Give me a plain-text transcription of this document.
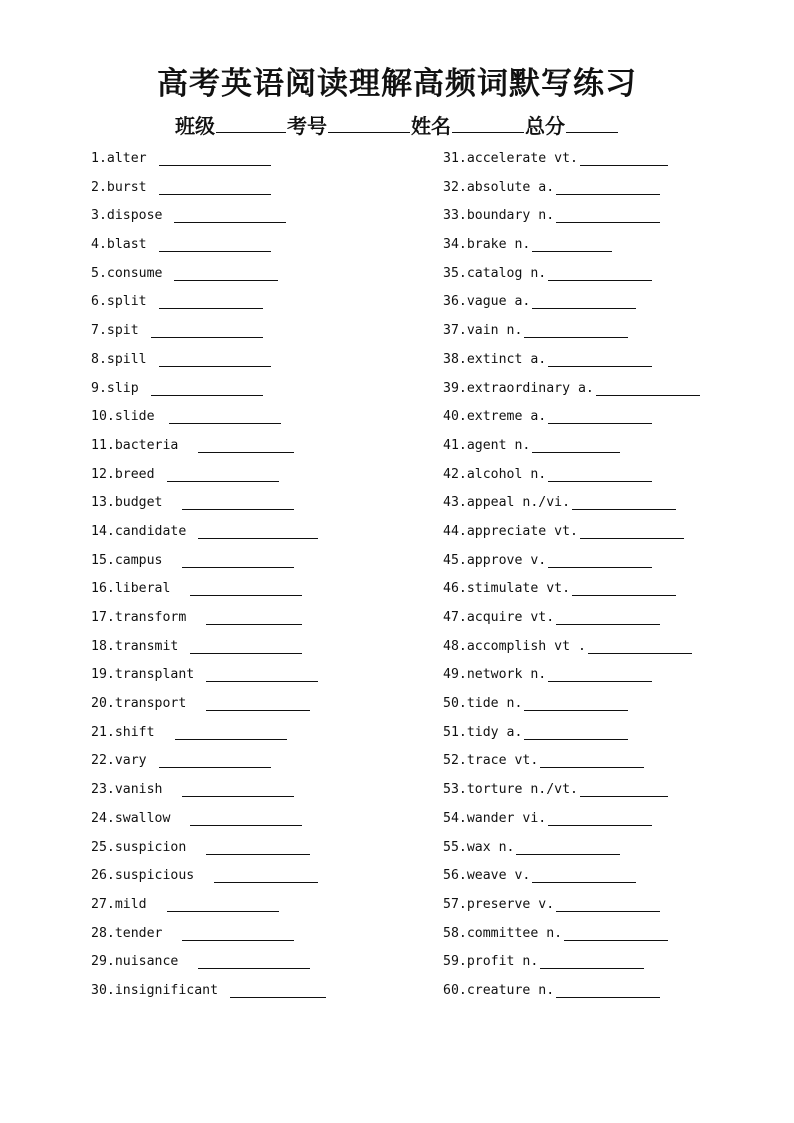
高考英语阅读理解高频词默写练习
班级	考号	姓名	总分
1.alter
2.burst
3.dispose
4.blast
5.consume
6.split
7.spit
8.spill
9.slip
10.slide
11.bacteria
12.breed
13.budget
14.candidate
15.campus
16.liberal
17.transform
18.transmit
19.transplant
20.transport
21.shift
22.vary
23.vanish
24.swallow
25.suspicion
26.suspicious
27.mild
28.tender
29.nuisance
30.insignificant
31.accelerate vt.
32.absolute a.
33.boundary n.
34.brake n.
35.catalog n.
36.vague a.
37.vain n.
38.extinct a.
39.extraordinary a.
40.extreme a.
41.agent n.
42.alcohol n.
43.appeal n./vi.
44.appreciate vt.
45.approve v.
46.stimulate vt.
47.acquire vt.
48.accomplish vt .
49.network n.
50.tide n.
51.tidy a.
52.trace vt.
53.torture n./vt.
54.wander vi.
55.wax n.
56.weave v.
57.preserve v.
58.committee n.
59.profit n.
60.creature n.
